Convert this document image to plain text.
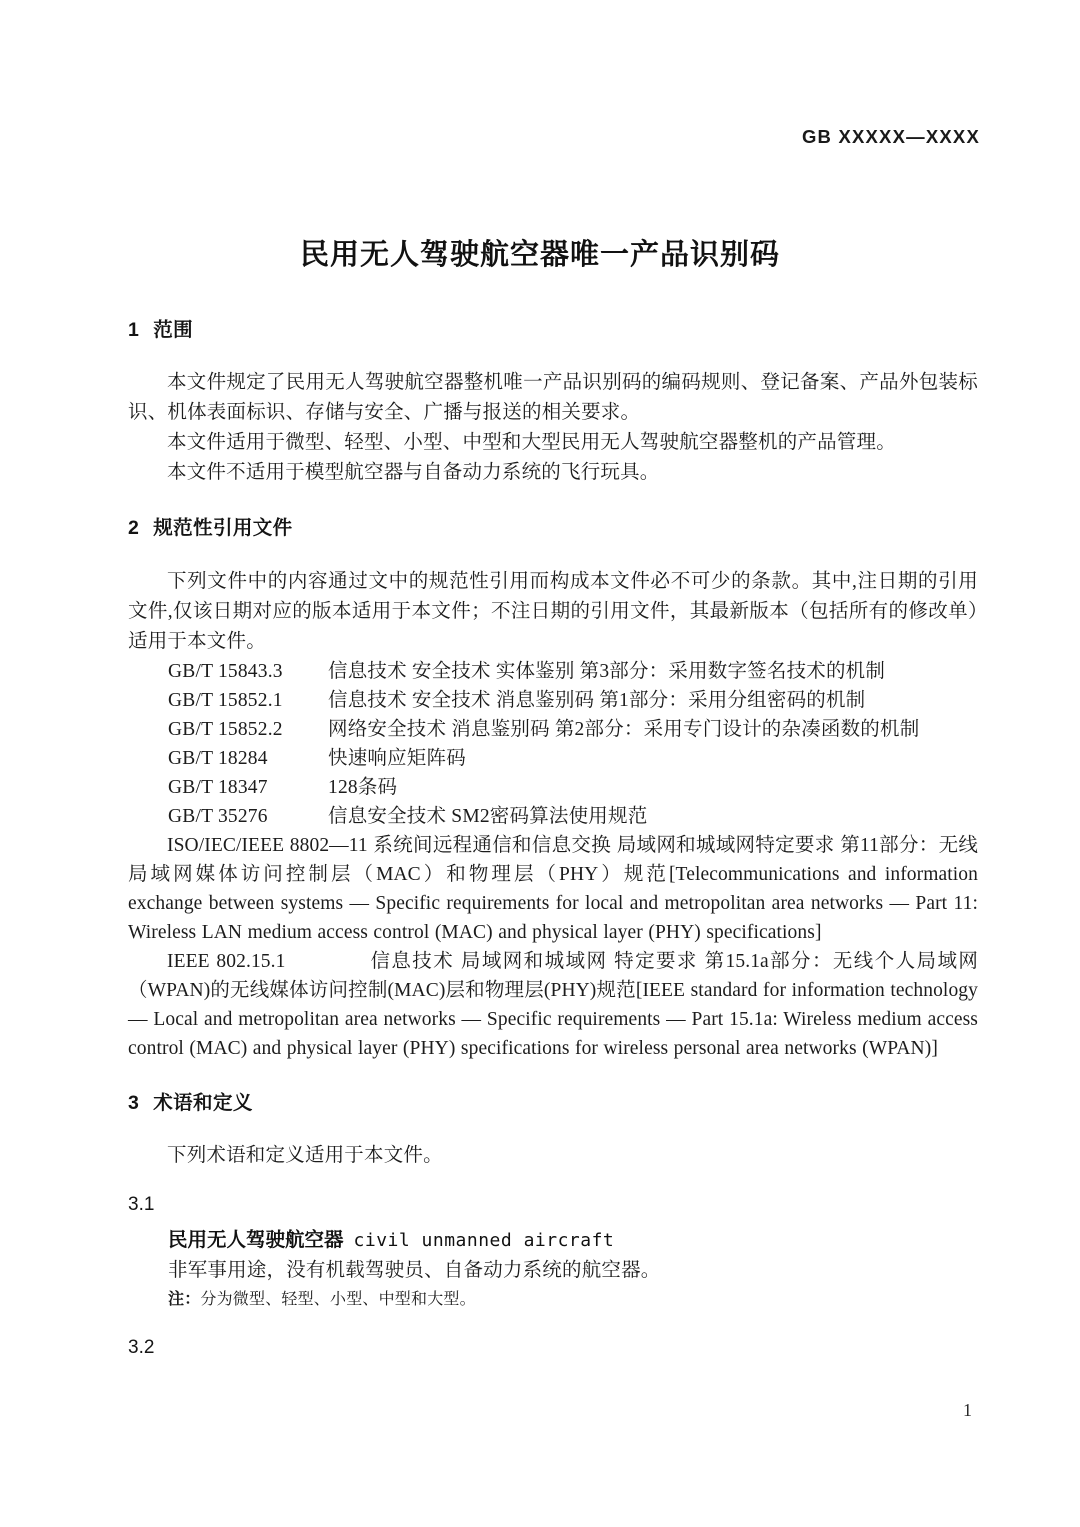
GB XXXXX—XXXX
民用无人驾驶航空器唯一产品识别码
1 范围

本文件规定了民用无人驾驶航空器整机唯一产品识别码的编码规则、登记备案、产品外包装标识、机体表面标识、存储与安全、广播与报送的相关要求。

本文件适用于微型、轻型、小型、中型和大型民用无人驾驶航空器整机的产品管理。

本文件不适用于模型航空器与自备动力系统的飞行玩具。

2 规范性引用文件

下列文件中的内容通过文中的规范性引用而构成本文件必不可少的条款。其中,注日期的引用文件,仅该日期对应的版本适用于本文件；不注日期的引用文件，其最新版本（包括所有的修改单）适用于本文件。

GB/T 15843.3	信息技术 安全技术 实体鉴别 第3部分：采用数字签名技术的机制
GB/T 15852.1	信息技术 安全技术 消息鉴别码 第1部分：采用分组密码的机制
GB/T 15852.2	网络安全技术 消息鉴别码 第2部分：采用专门设计的杂凑函数的机制
GB/T 18284	快速响应矩阵码
GB/T 18347	128条码
GB/T 35276	信息安全技术 SM2密码算法使用规范

ISO/IEC/IEEE 8802—11 系统间远程通信和信息交换 局域网和城域网特定要求 第11部分：无线局域网媒体访问控制层（MAC）和物理层（PHY）规范[Telecommunications and information exchange between systems — Specific requirements for local and metropolitan area networks — Part 11: Wireless LAN medium access control (MAC) and physical layer (PHY) specifications]

IEEE 802.15.1　　　　信息技术 局域网和城域网 特定要求 第15.1a部分：无线个人局域网（WPAN)的无线媒体访问控制(MAC)层和物理层(PHY)规范[IEEE standard for information technology — Local and metropolitan area networks — Specific requirements — Part 15.1a: Wireless medium access control (MAC) and physical layer (PHY) specifications for wireless personal area networks (WPAN)]

3 术语和定义

下列术语和定义适用于本文件。

3.1

民用无人驾驶航空器 civil unmanned aircraft

非军事用途，没有机载驾驶员、自备动力系统的航空器。

注：分为微型、轻型、小型、中型和大型。

3.2

1
